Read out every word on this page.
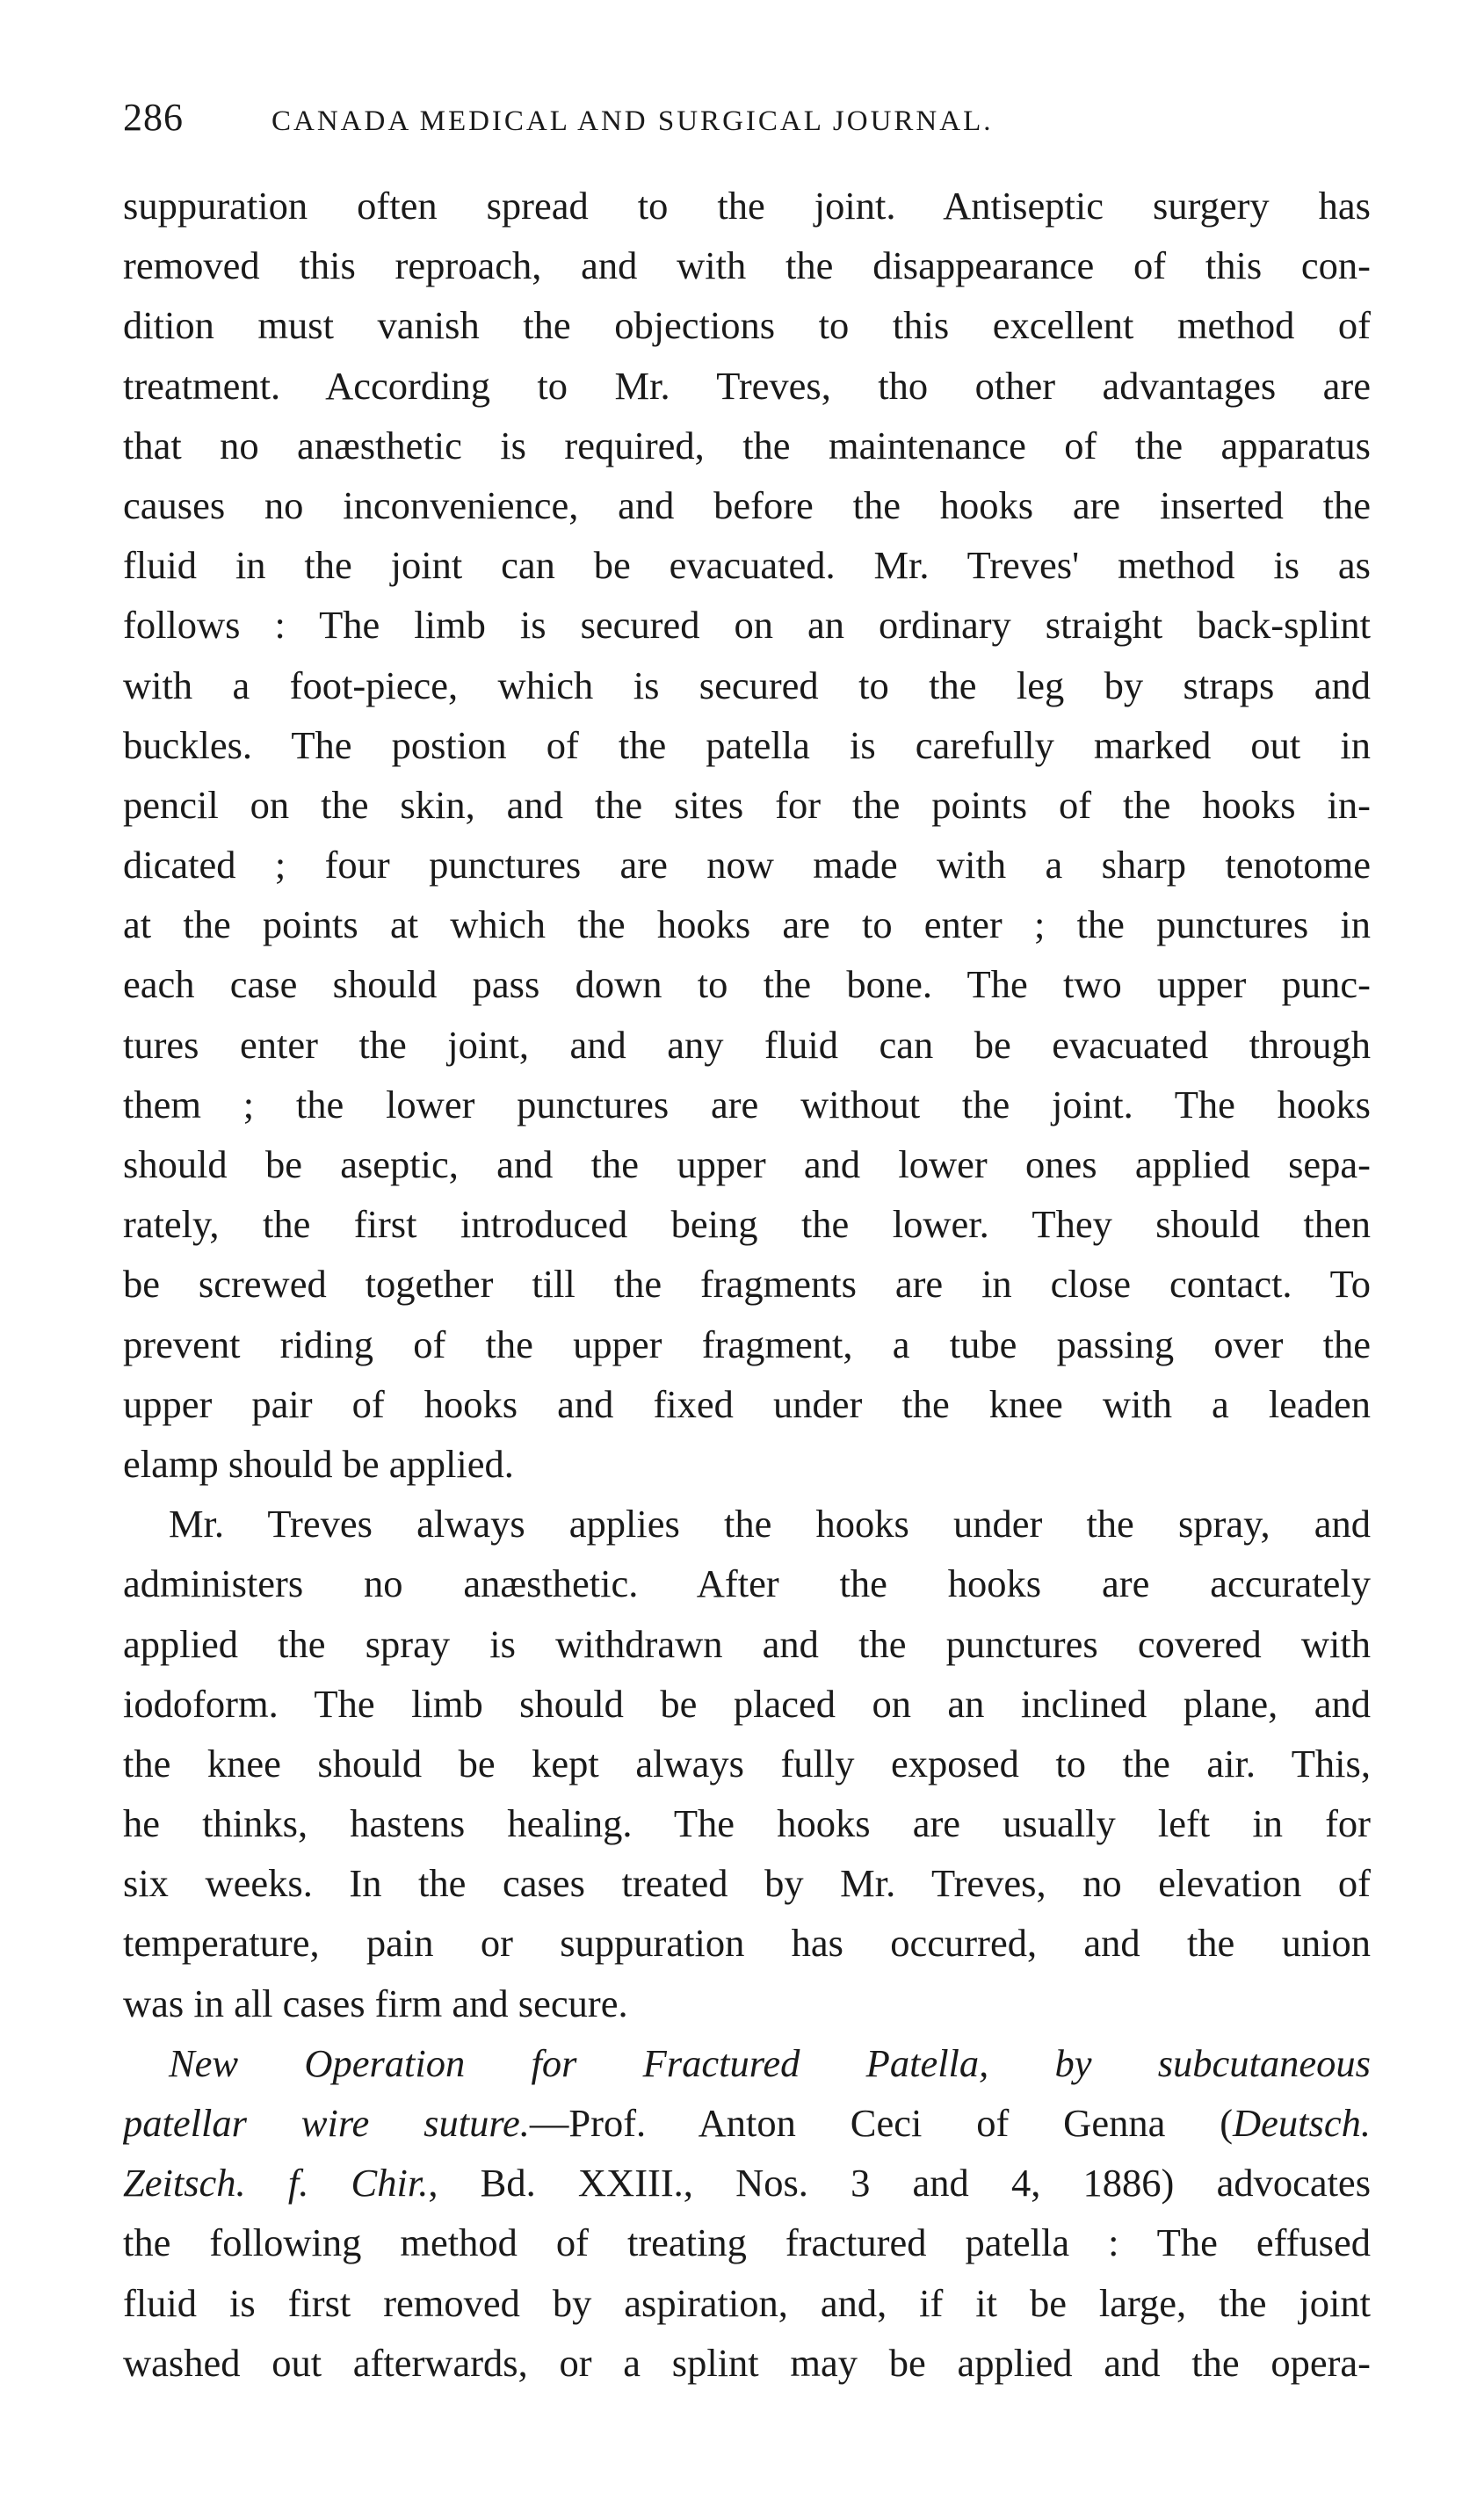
286	CANADA MEDICAL AND SURGICAL JOURNAL.
suppuration often spread to the joint. Antiseptic surgery has
removed this reproach, and with the disappearance of this con-
dition must vanish the objections to this excellent method of
treatment. According to Mr. Treves, tho other advantages are
that no anæsthetic is required, the maintenance of the apparatus
causes no inconvenience, and before the hooks are inserted the
fluid in the joint can be evacuated. Mr. Treves' method is as
follows : The limb is secured on an ordinary straight back-splint
with a foot-piece, which is secured to the leg by straps and
buckles. The postion of the patella is carefully marked out in
pencil on the skin, and the sites for the points of the hooks in-
dicated ; four punctures are now made with a sharp tenotome
at the points at which the hooks are to enter ; the punctures in
each case should pass down to the bone. The two upper punc-
tures enter the joint, and any fluid can be evacuated through
them ; the lower punctures are without the joint. The hooks
should be aseptic, and the upper and lower ones applied sepa-
rately, the first introduced being the lower. They should then
be screwed together till the fragments are in close contact. To
prevent riding of the upper fragment, a tube passing over the
upper pair of hooks and fixed under the knee with a leaden
elamp should be applied.
Mr. Treves always applies the hooks under the spray, and
administers no anæsthetic. After the hooks are accurately
applied the spray is withdrawn and the punctures covered with
iodoform. The limb should be placed on an inclined plane, and
the knee should be kept always fully exposed to the air. This,
he thinks, hastens healing. The hooks are usually left in for
six weeks. In the cases treated by Mr. Treves, no elevation of
temperature, pain or suppuration has occurred, and the union
was in all cases firm and secure.
New Operation for Fractured Patella, by subcutaneous
patellar wire suture.—Prof. Anton Ceci of Genna (Deutsch.
Zeitsch. f. Chir., Bd. XXIII., Nos. 3 and 4, 1886) advocates
the following method of treating fractured patella : The effused
fluid is first removed by aspiration, and, if it be large, the joint
washed out afterwards, or a splint may be applied and the opera-
